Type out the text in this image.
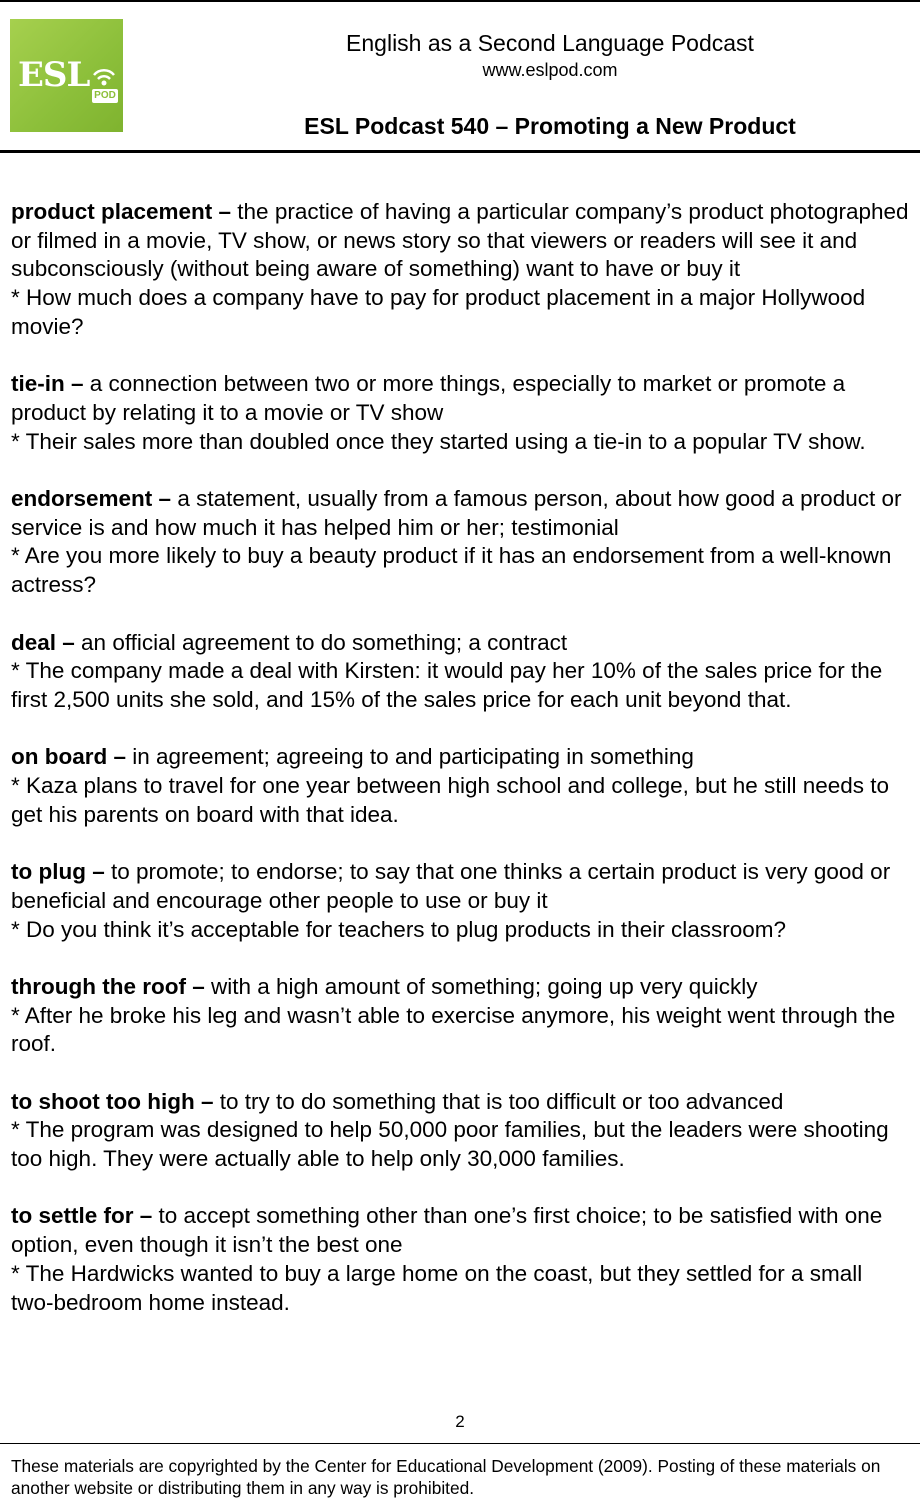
ESL
POD
English as a Second Language Podcast
www.eslpod.com
ESL Podcast 540 – Promoting a New Product
product placement – the practice of having a particular company’s product photographed or filmed in a movie, TV show, or news story so that viewers or readers will see it and subconsciously (without being aware of something) want to have or buy it
* How much does a company have to pay for product placement in a major Hollywood movie?
tie-in – a connection between two or more things, especially to market or promote a product by relating it to a movie or TV show
* Their sales more than doubled once they started using a tie-in to a popular TV show.
endorsement – a statement, usually from a famous person, about how good a product or service is and how much it has helped him or her; testimonial
* Are you more likely to buy a beauty product if it has an endorsement from a well-known actress?
deal – an official agreement to do something; a contract
* The company made a deal with Kirsten: it would pay her 10% of the sales price for the first 2,500 units she sold, and 15% of the sales price for each unit beyond that.
on board – in agreement; agreeing to and participating in something
* Kaza plans to travel for one year between high school and college, but he still needs to get his parents on board with that idea.
to plug – to promote; to endorse; to say that one thinks a certain product is very good or beneficial and encourage other people to use or buy it
* Do you think it’s acceptable for teachers to plug products in their classroom?
through the roof – with a high amount of something; going up very quickly
* After he broke his leg and wasn’t able to exercise anymore, his weight went through the roof.
to shoot too high – to try to do something that is too difficult or too advanced
* The program was designed to help 50,000 poor families, but the leaders were shooting too high. They were actually able to help only 30,000 families.
to settle for – to accept something other than one’s first choice; to be satisfied with one option, even though it isn’t the best one
* The Hardwicks wanted to buy a large home on the coast, but they settled for a small two-bedroom home instead.
2
These materials are copyrighted by the Center for Educational Development (2009). Posting of these materials on another website or distributing them in any way is prohibited.
